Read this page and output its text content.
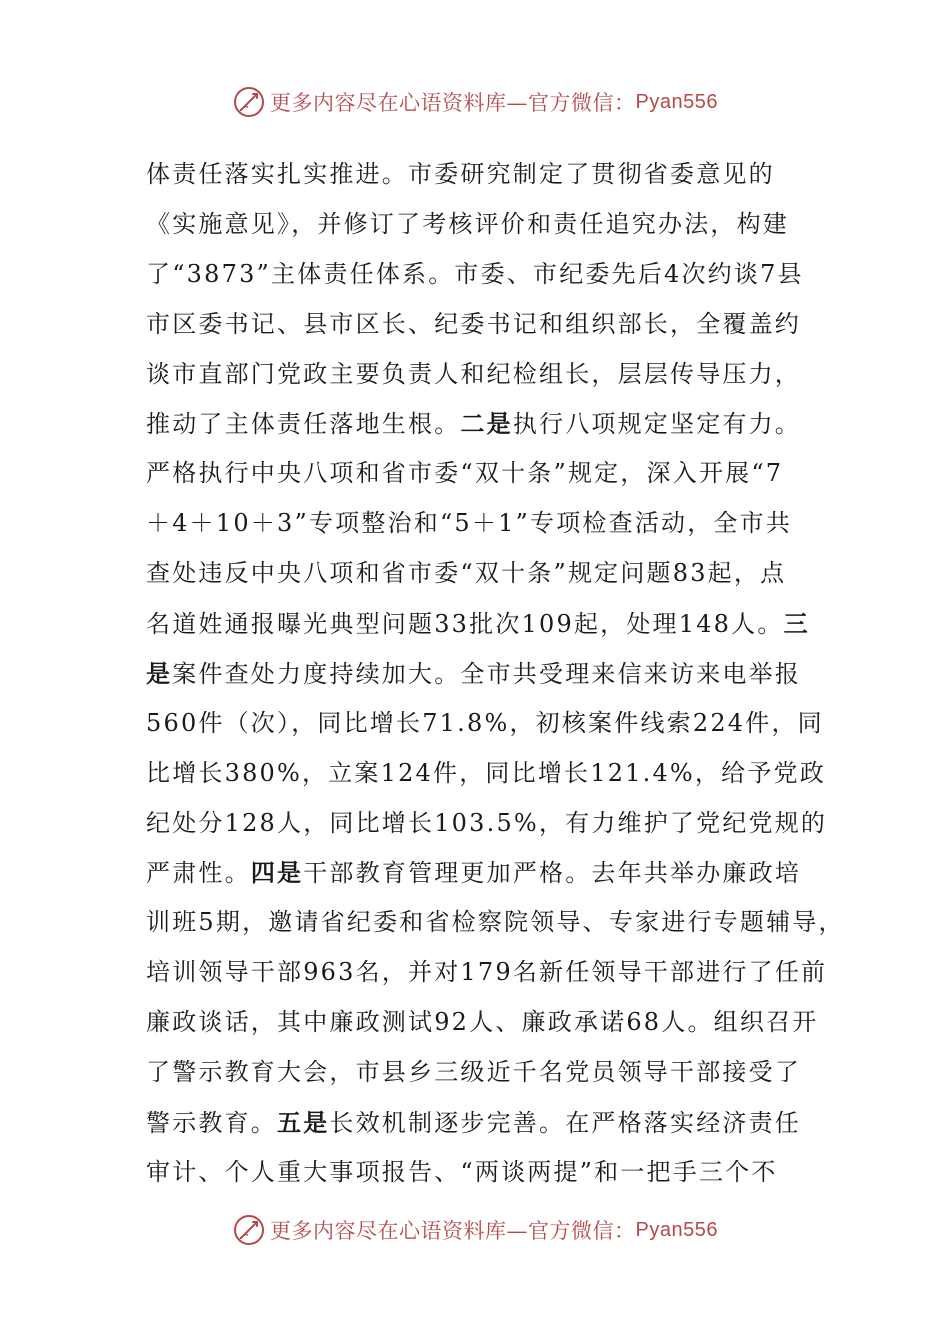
更多内容尽在心语资料库—官方微信： Pyan556
体责任落实扎实推进。市委研究制定了贯彻省委意见的
《实施意见》，并修订了考核评价和责任追究办法，构建
了“3873”主体责任体系。市委、市纪委先后4次约谈7县
市区委书记、县市区长、纪委书记和组织部长，全覆盖约
谈市直部门党政主要负责人和纪检组长，层层传导压力，
推动了主体责任落地生根。二是执行八项规定坚定有力。
严格执行中央八项和省市委“双十条”规定，深入开展“7
＋4＋10＋3”专项整治和“5＋1”专项检查活动，全市共
查处违反中央八项和省市委“双十条”规定问题83起，点
名道姓通报曝光典型问题33批次109起，处理148人。三
是案件查处力度持续加大。全市共受理来信来访来电举报
560件（次），同比增长71.8%，初核案件线索224件，同
比增长380%，立案124件，同比增长121.4%，给予党政
纪处分128人，同比增长103.5%，有力维护了党纪党规的
严肃性。四是干部教育管理更加严格。去年共举办廉政培
训班5期，邀请省纪委和省检察院领导、专家进行专题辅导，
培训领导干部963名，并对179名新任领导干部进行了任前
廉政谈话，其中廉政测试92人、廉政承诺68人。组织召开
了警示教育大会，市县乡三级近千名党员领导干部接受了
警示教育。五是长效机制逐步完善。在严格落实经济责任
审计、个人重大事项报告、“两谈两提”和一把手三个不
更多内容尽在心语资料库—官方微信： Pyan556
